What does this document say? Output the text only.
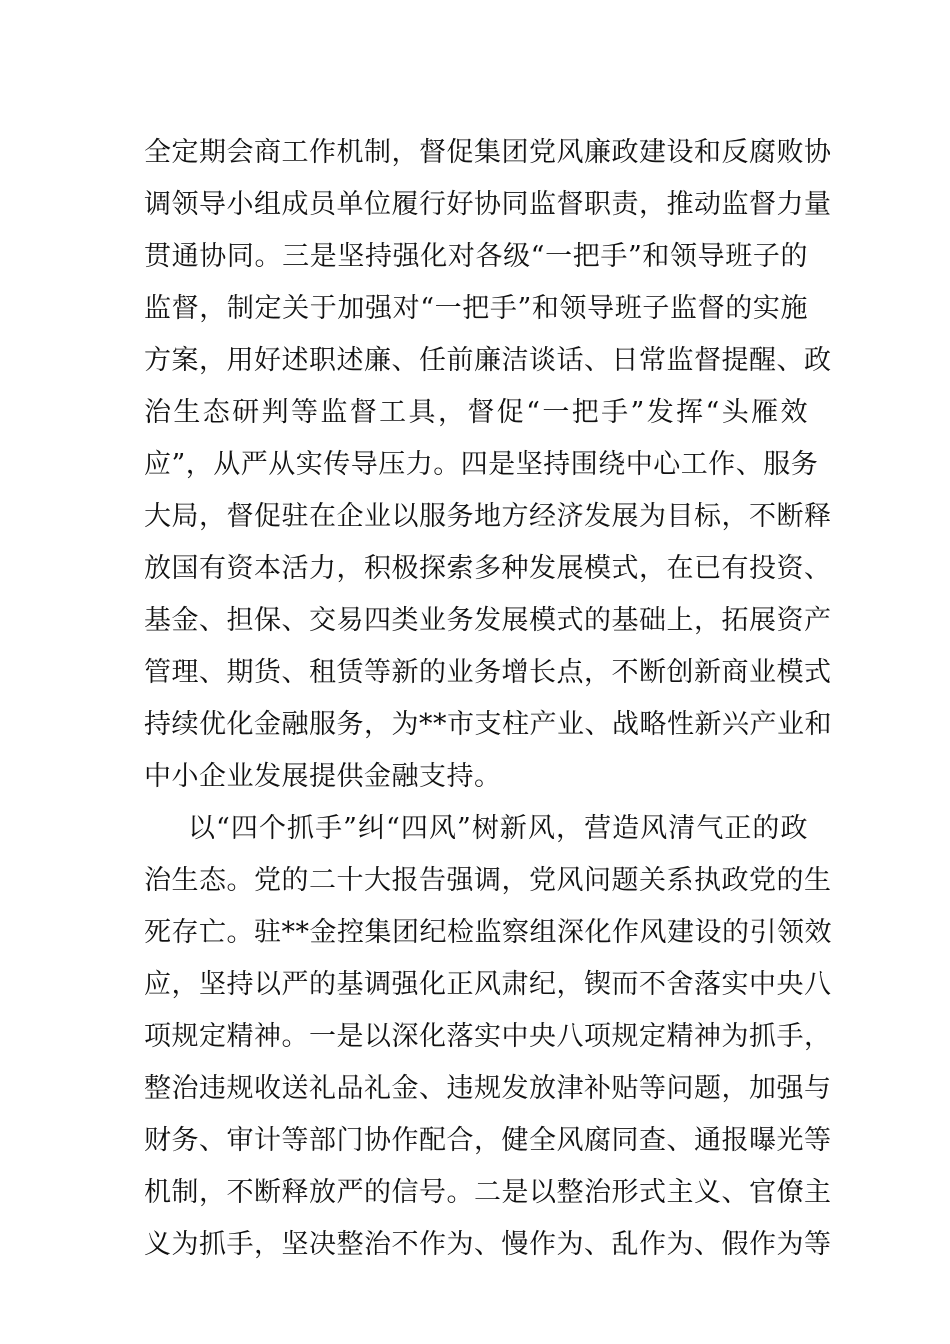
全定期会商工作机制，督促集团党风廉政建设和反腐败协
调领导小组成员单位履行好协同监督职责，推动监督力量
贯通协同。三是坚持强化对各级“一把手”和领导班子的
监督，制定关于加强对“一把手”和领导班子监督的实施
方案，用好述职述廉、任前廉洁谈话、日常监督提醒、政
治生态研判等监督工具，督促“一把手”发挥“头雁效
应”，从严从实传导压力。四是坚持围绕中心工作、服务
大局，督促驻在企业以服务地方经济发展为目标，不断释
放国有资本活力，积极探索多种发展模式，在已有投资、
基金、担保、交易四类业务发展模式的基础上，拓展资产
管理、期货、租赁等新的业务增长点，不断创新商业模式
持续优化金融服务，为**市支柱产业、战略性新兴产业和
中小企业发展提供金融支持。
以“四个抓手”纠“四风”树新风，营造风清气正的政
治生态。党的二十大报告强调，党风问题关系执政党的生
死存亡。驻**金控集团纪检监察组深化作风建设的引领效
应，坚持以严的基调强化正风肃纪，锲而不舍落实中央八
项规定精神。一是以深化落实中央八项规定精神为抓手，
整治违规收送礼品礼金、违规发放津补贴等问题，加强与
财务、审计等部门协作配合，健全风腐同查、通报曝光等
机制，不断释放严的信号。二是以整治形式主义、官僚主
义为抓手，坚决整治不作为、慢作为、乱作为、假作为等
